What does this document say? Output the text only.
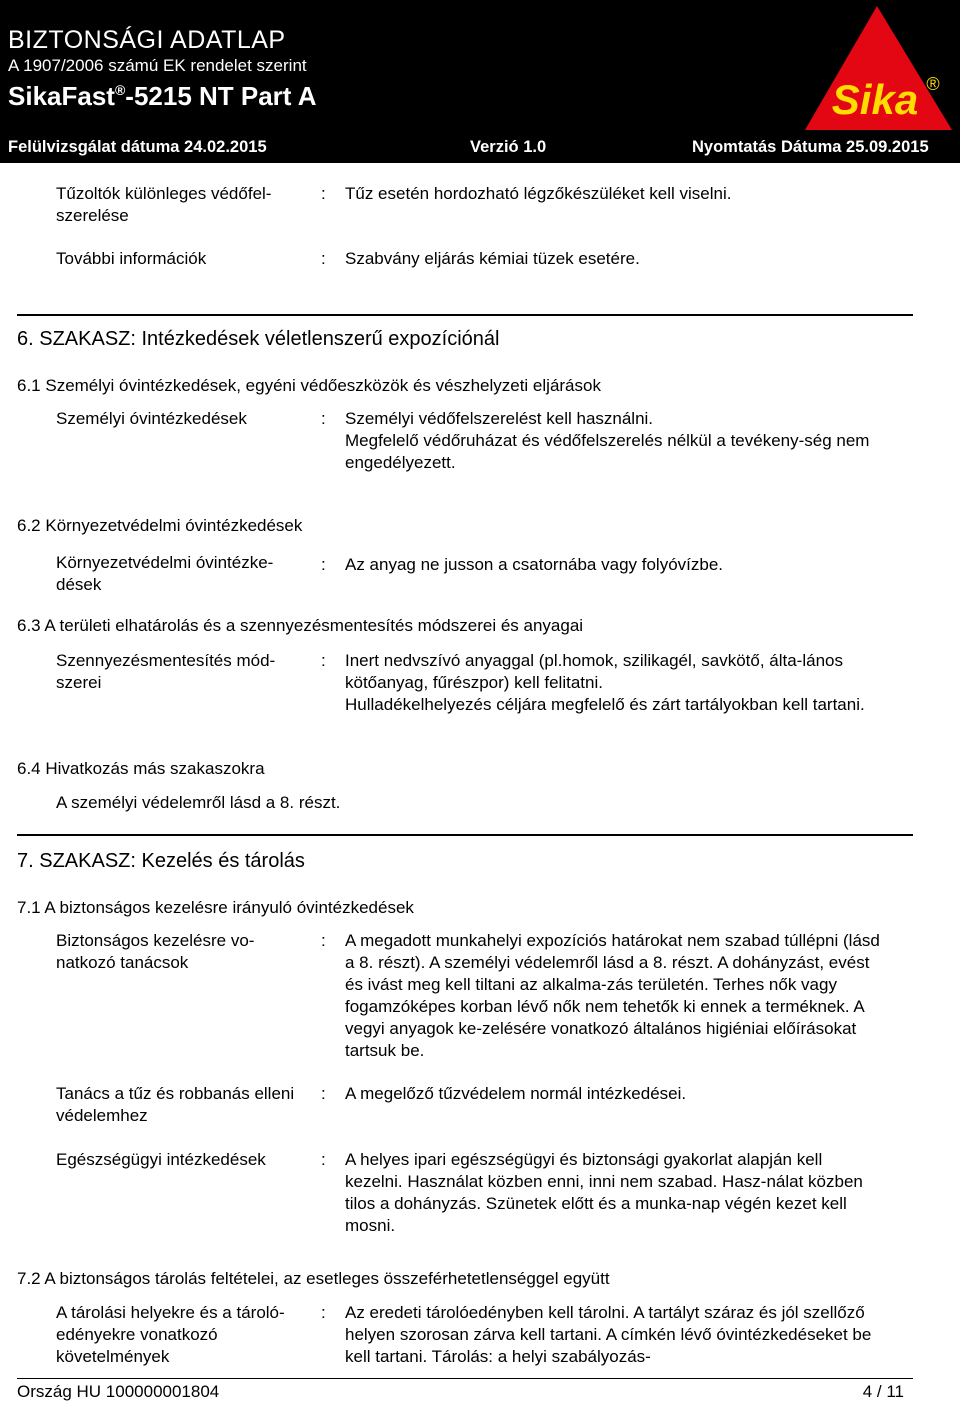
BIZTONSÁGI ADATLAP
A 1907/2006 számú EK rendelet szerint
SikaFast®-5215 NT Part A
Felülvizsgálat dátuma 24.02.2015	Verzió 1.0	Nyomtatás Dátuma 25.09.2015
Sika ®
Tűzoltók különleges védőfel-szerelése
: Tűz esetén hordozható légzőkészüléket kell viselni.
További információk	: Szabvány eljárás kémiai tüzek esetére.
6. SZAKASZ: Intézkedések véletlenszerű expozíciónál
6.1 Személyi óvintézkedések, egyéni védőeszközök és vészhelyzeti eljárások
Személyi óvintézkedések	: Személyi védőfelszerelést kell használni.
Megfelelő védőruházat és védőfelszerelés nélkül a tevékeny-ség nem engedélyezett.
6.2 Környezetvédelmi óvintézkedések
Környezetvédelmi óvintézke-dések
: Az anyag ne jusson a csatornába vagy folyóvízbe.
6.3 A területi elhatárolás és a szennyezésmentesítés módszerei és anyagai
Szennyezésmentesítés mód-szerei
: Inert nedvszívó anyaggal (pl.homok, szilikagél, savkötő, álta-lános kötőanyag, fűrészpor) kell felitatni.
Hulladékelhelyezés céljára megfelelő és zárt tartályokban kell tartani.
6.4 Hivatkozás más szakaszokra
A személyi védelemről lásd a 8. részt.
7. SZAKASZ: Kezelés és tárolás
7.1 A biztonságos kezelésre irányuló óvintézkedések
Biztonságos kezelésre vo-natkozó tanácsok
: A megadott munkahelyi expozíciós határokat nem szabad túllépni (lásd a 8. részt). A személyi védelemről lásd a 8. részt. A dohányzást, evést és ivást meg kell tiltani az alkalma-zás területén. Terhes nők vagy fogamzóképes korban lévő nők nem tehetők ki ennek a terméknek. A vegyi anyagok ke-zelésére vonatkozó általános higiéniai előírásokat tartsuk be.
Tanács a tűz és robbanás elleni védelemhez
: A megelőző tűzvédelem normál intézkedései.
Egészségügyi intézkedések	: A helyes ipari egészségügyi és biztonsági gyakorlat alapján kell kezelni. Használat közben enni, inni nem szabad. Hasz-nálat közben tilos a dohányzás. Szünetek előtt és a munka-nap végén kezet kell mosni.
7.2 A biztonságos tárolás feltételei, az esetleges összeférhetetlenséggel együtt
A tárolási helyekre és a tároló-edényekre vonatkozó követelmények
: Az eredeti tárolóedényben kell tárolni. A tartályt száraz és jól szellőző helyen szorosan zárva kell tartani. A címkén lévő óvintézkedéseket be kell tartani. Tárolás: a helyi szabályozás-
Ország HU 100000001804	4 / 11
